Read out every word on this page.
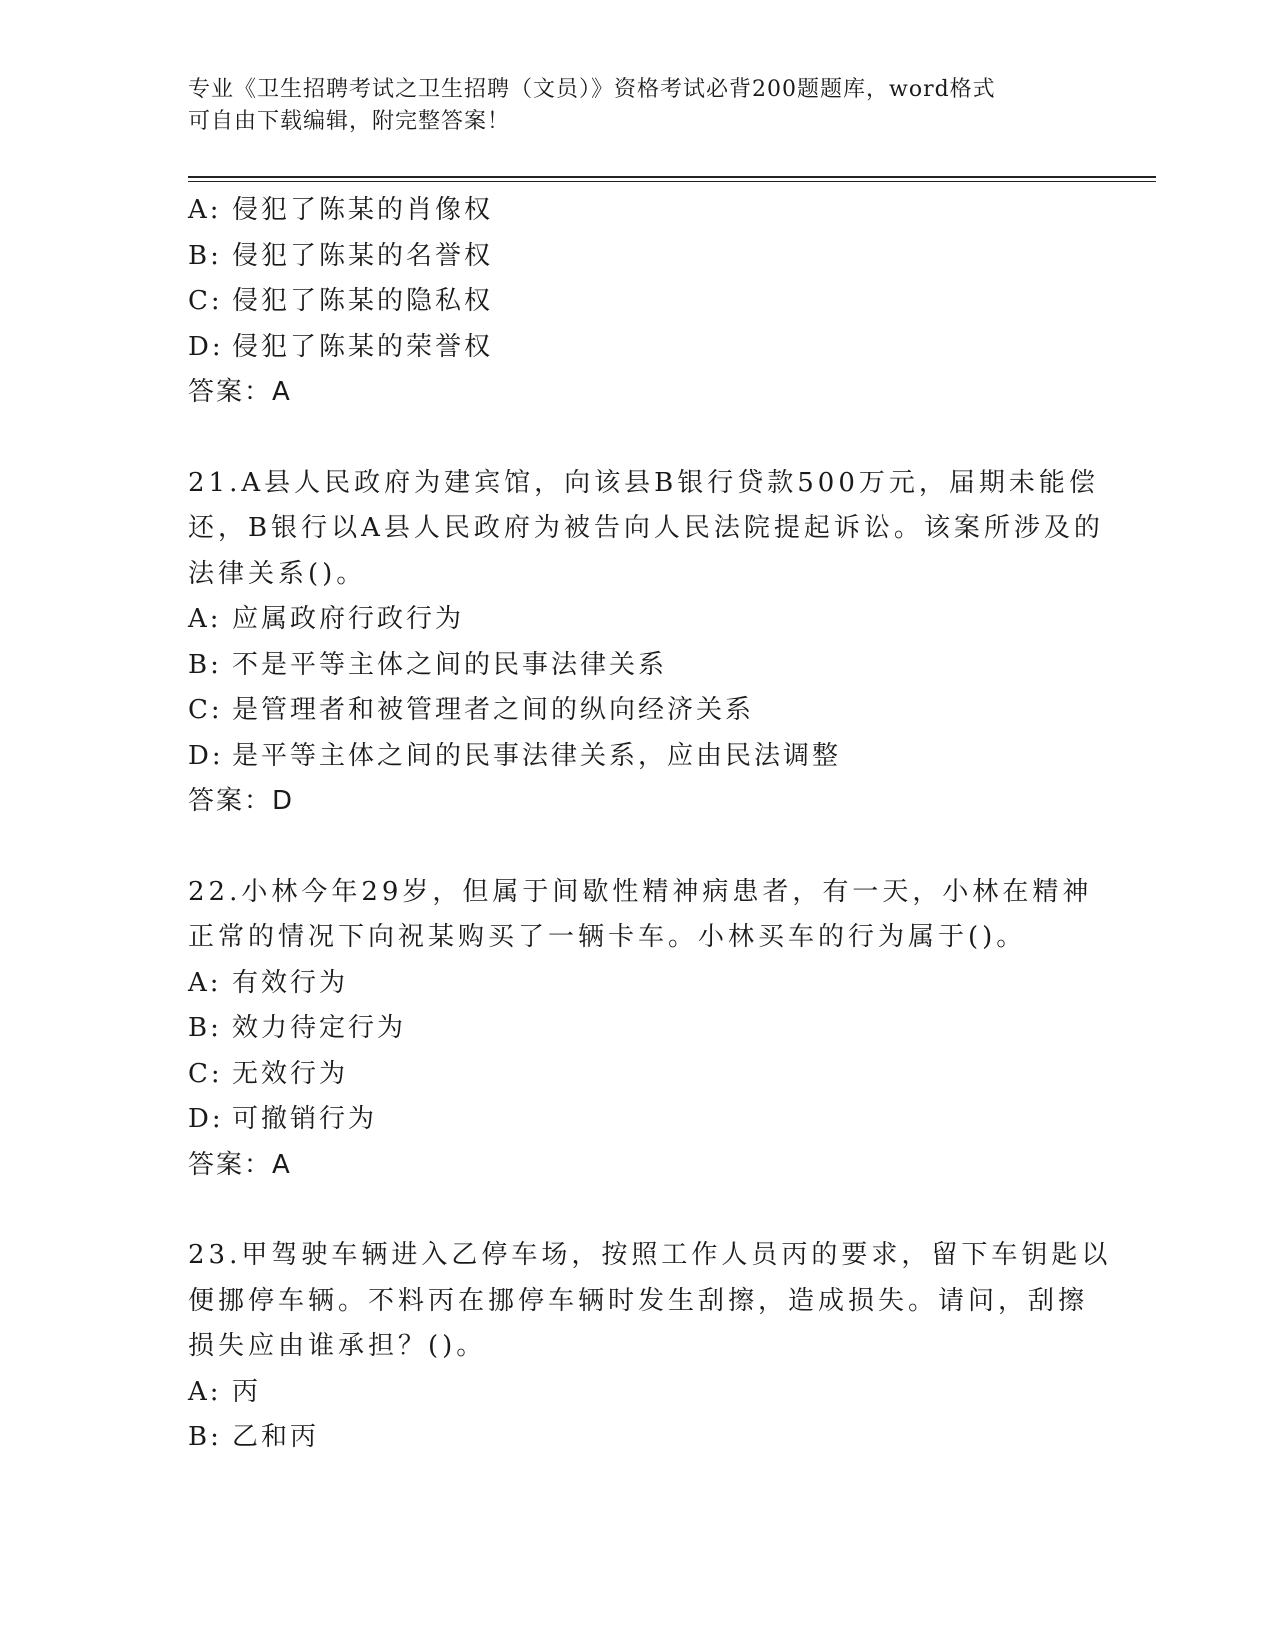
专业《卫生招聘考试之卫生招聘（文员）》资格考试必背200题题库，word格式
可自由下载编辑，附完整答案！
A: 侵犯了陈某的肖像权
B: 侵犯了陈某的名誉权
C: 侵犯了陈某的隐私权
D: 侵犯了陈某的荣誉权
答案：A
21.A县人民政府为建宾馆，向该县B银行贷款500万元，届期未能偿
还，B银行以A县人民政府为被告向人民法院提起诉讼。该案所涉及的
法律关系()。
A: 应属政府行政行为
B: 不是平等主体之间的民事法律关系
C: 是管理者和被管理者之间的纵向经济关系
D: 是平等主体之间的民事法律关系，应由民法调整
答案：D
22.小林今年29岁，但属于间歇性精神病患者，有一天，小林在精神
正常的情况下向祝某购买了一辆卡车。小林买车的行为属于()。
A: 有效行为
B: 效力待定行为
C: 无效行为
D: 可撤销行为
答案：A
23.甲驾驶车辆进入乙停车场，按照工作人员丙的要求，留下车钥匙以
便挪停车辆。不料丙在挪停车辆时发生刮擦，造成损失。请问，刮擦
损失应由谁承担？()。
A: 丙
B: 乙和丙
